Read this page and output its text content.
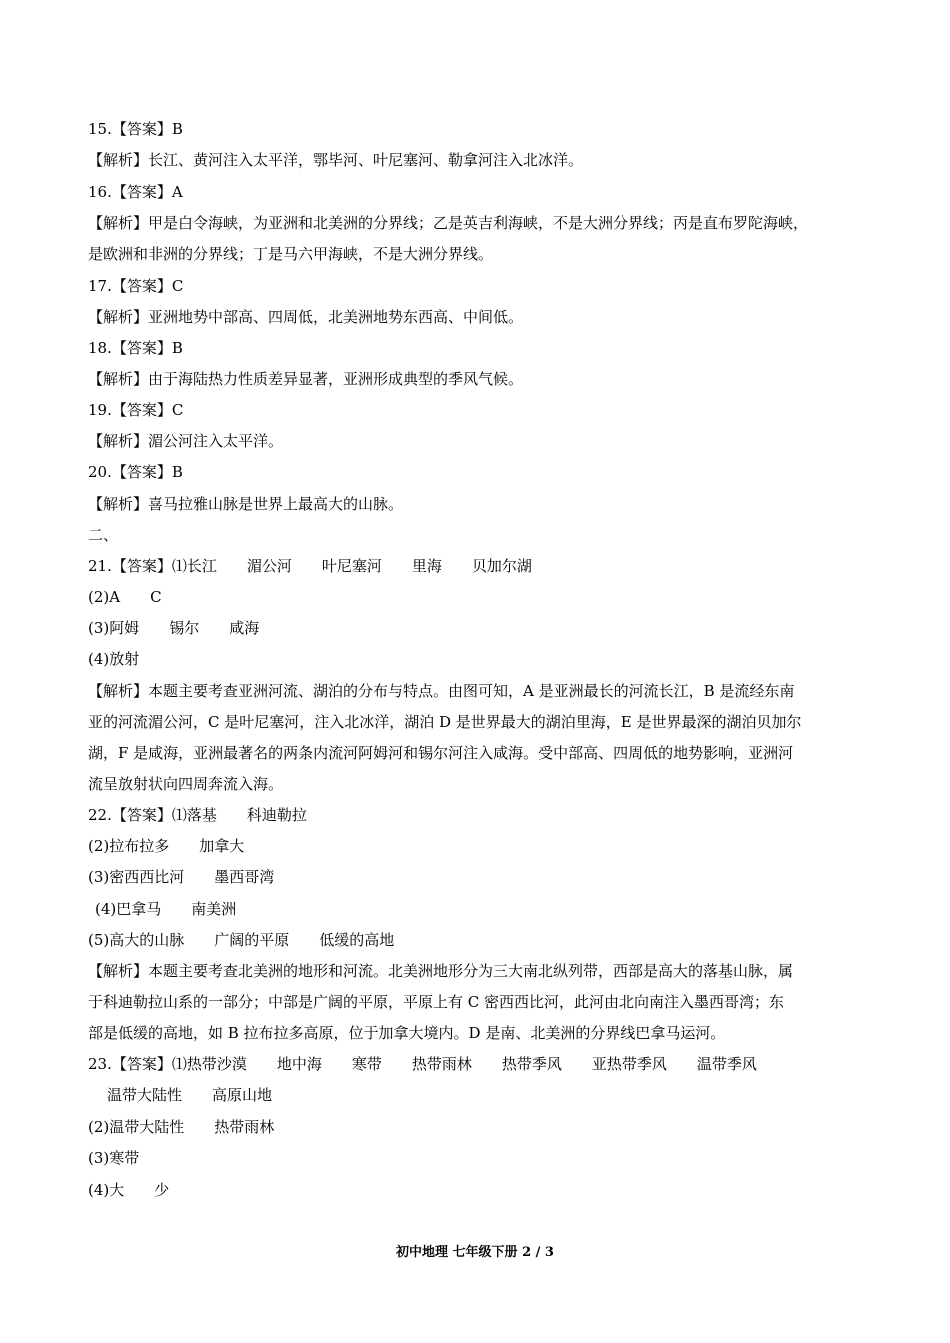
15.【答案】B
【解析】长江、黄河注入太平洋，鄂毕河、叶尼塞河、勒拿河注入北冰洋。
16.【答案】A
【解析】甲是白令海峡，为亚洲和北美洲的分界线；乙是英吉利海峡，不是大洲分界线；丙是直布罗陀海峡，
是欧洲和非洲的分界线；丁是马六甲海峡，不是大洲分界线。
17.【答案】C
【解析】亚洲地势中部高、四周低，北美洲地势东西高、中间低。
18.【答案】B
【解析】由于海陆热力性质差异显著，亚洲形成典型的季风气候。
19.【答案】C
【解析】湄公河注入太平洋。
20.【答案】B
【解析】喜马拉雅山脉是世界上最高大的山脉。
二、
21.【答案】⑴长江　　湄公河　　叶尼塞河　　里海　　贝加尔湖
(2)A　　C
(3)阿姆　　锡尔　　咸海
(4)放射
【解析】本题主要考查亚洲河流、湖泊的分布与特点。由图可知，A 是亚洲最长的河流长江，B 是流经东南
亚的河流湄公河，C 是叶尼塞河，注入北冰洋，湖泊 D 是世界最大的湖泊里海，E 是世界最深的湖泊贝加尔
湖，F 是咸海，亚洲最著名的两条内流河阿姆河和锡尔河注入咸海。受中部高、四周低的地势影响，亚洲河
流呈放射状向四周奔流入海。
22.【答案】⑴落基　　科迪勒拉
(2)拉布拉多　　加拿大
(3)密西西比河　　墨西哥湾
(4)巴拿马　　南美洲
(5)高大的山脉　　广阔的平原　　低缓的高地
【解析】本题主要考查北美洲的地形和河流。北美洲地形分为三大南北纵列带，西部是高大的落基山脉，属
于科迪勒拉山系的一部分；中部是广阔的平原，平原上有 C 密西西比河，此河由北向南注入墨西哥湾；东
部是低缓的高地，如 B 拉布拉多高原，位于加拿大境内。D 是南、北美洲的分界线巴拿马运河。
23.【答案】⑴热带沙漠　　地中海　　寒带　　热带雨林　　热带季风　　亚热带季风　　温带季风
温带大陆性　　高原山地
(2)温带大陆性　　热带雨林
(3)寒带
(4)大　　少
初中地理 七年级下册 2 / 3
